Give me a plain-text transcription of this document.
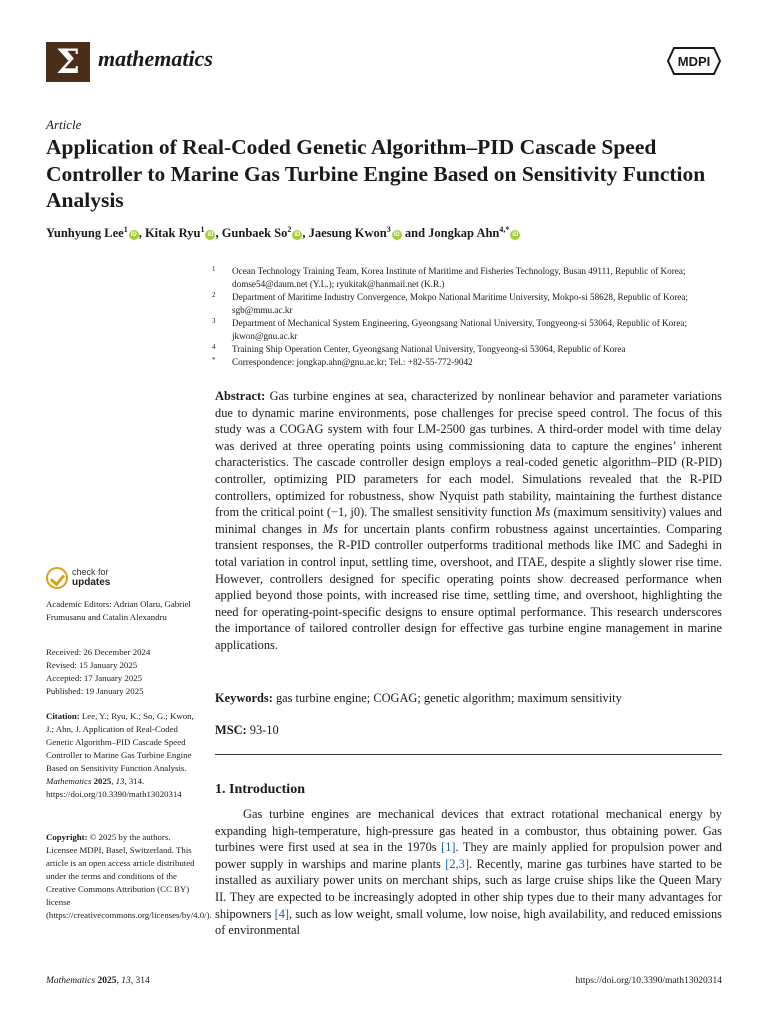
Σ mathematics	MDPI
Article
Application of Real-Coded Genetic Algorithm–PID Cascade Speed Controller to Marine Gas Turbine Engine Based on Sensitivity Function Analysis
Yunhyung Lee$^1$iD , Kitak Ryu$^1$iD , Gunbaek So$^2$iD , Jaesung Kwon$^3$iD and Jongkap Ahn$^{4,*}$iD
1 Ocean Technology Training Team, Korea Institute of Maritime and Fisheries Technology, Busan 49111, Republic of Korea; domse54@daum.net (Y.L.); ryukitak@hanmail.net (K.R.)
2 Department of Maritime Industry Convergence, Mokpo National Maritime University, Mokpo-si 58628, Republic of Korea; sgb@mmu.ac.kr
3 Department of Mechanical System Engineering, Gyeongsang National University, Tongyeong-si 53064, Republic of Korea; jkwon@gnu.ac.kr
4 Training Ship Operation Center, Gyeongsang National University, Tongyeong-si 53064, Republic of Korea
* Correspondence: jongkap.ahn@gnu.ac.kr; Tel.: +82-55-772-9042
check for
updates
Academic Editors: Adrian Olaru, Gabriel Frumusanu and Catalin Alexandru
Received: 26 December 2024
Revised: 15 January 2025
Accepted: 17 January 2025
Published: 19 January 2025
Citation: Lee, Y.; Ryu, K.; So, G.; Kwon, J.; Ahn, J. Application of Real-Coded Genetic Algorithm–PID Cascade Speed Controller to Marine Gas Turbine Engine Based on Sensitivity Function Analysis. Mathematics 2025, 13, 314. https://doi.org/10.3390/math13020314
Copyright: © 2025 by the authors. Licensee MDPI, Basel, Switzerland. This article is an open access article distributed under the terms and conditions of the Creative Commons Attribution (CC BY) license (https://creativecommons.org/licenses/by/4.0/).
Abstract: Gas turbine engines at sea, characterized by nonlinear behavior and parameter variations due to dynamic marine environments, pose challenges for precise speed control. The focus of this study was a COGAG system with four LM-2500 gas turbines. A third-order model with time delay was derived at three operating points using commissioning data to capture the engines’ inherent characteristics. The cascade controller design employs a real-coded genetic algorithm–PID (R-PID) controller, optimizing PID parameters for each model. Simulations revealed that the R-PID controllers, optimized for robustness, show Nyquist path stability, maintaining the furthest distance from the critical point (−1, j0). The smallest sensitivity function Ms (maximum sensitivity) values and minimal changes in Ms for uncertain plants confirm robustness against uncertainties. Comparing transient responses, the R-PID controller outperforms traditional methods like IMC and Sadeghi in total variation in control input, settling time, overshoot, and ITAE, despite a slightly slower rise time. However, controllers designed for specific operating points show decreased performance when applied beyond those points, with increased rise time, settling time, and overshoot, highlighting the need for operating-point-specific designs to ensure optimal performance. This research underscores the importance of tailored controller design for effective gas turbine engine management in marine applications.
Keywords: gas turbine engine; COGAG; genetic algorithm; maximum sensitivity
MSC: 93-10
1. Introduction

Gas turbine engines are mechanical devices that extract rotational mechanical energy by expanding high-temperature, high-pressure gas heated in a combustor, thus obtaining power. Gas turbines were first used at sea in the 1970s [1]. They are mainly applied for propulsion power and power supply in warships and marine plants [2,3]. Recently, marine gas turbines have started to be installed as auxiliary power units on merchant ships, such as large cruise ships like the Queen Mary II. They are expected to be increasingly adopted in other ship types due to their many advantages for shipowners [4], such as low weight, small volume, low noise, high availability, and reduced emissions of environmental

Mathematics 2025, 13, 314	https://doi.org/10.3390/math13020314
